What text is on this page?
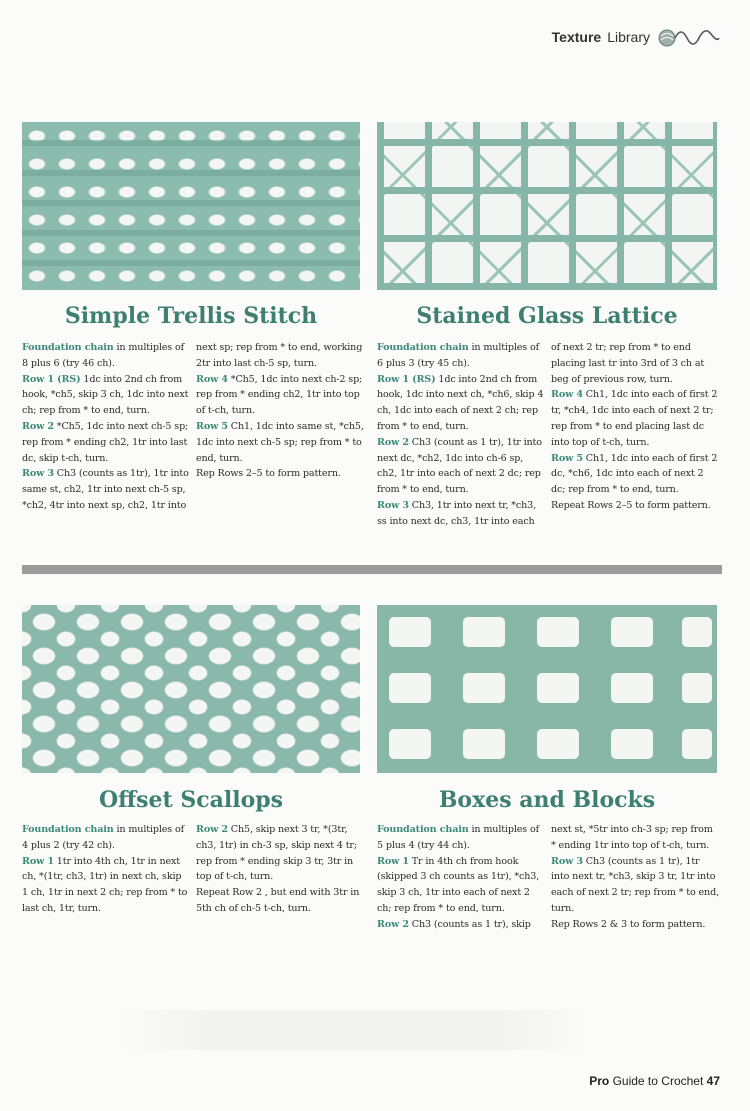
Texture Library
Simple Trellis Stitch	Stained Glass Lattice

Foundation chain in multiples of 8 plus 6 (try 46 ch).

Row 1 (RS) 1dc into 2nd ch from hook, *ch5, skip 3 ch, 1dc into next ch; rep from * to end, turn.

Row 2 *Ch5, 1dc into next ch-5 sp; rep from * ending ch2, 1tr into last dc, skip t-ch, turn.

Row 3 Ch3 (counts as 1tr), 1tr into same st, ch2, 1tr into next ch-5 sp, *ch2, 4tr into next sp, ch2, 1tr into

next sp; rep from * to end, working 2tr into last ch-5 sp, turn.

Row 4 *Ch5, 1dc into next ch-2 sp; rep from * ending ch2, 1tr into top of t-ch, turn.

Row 5 Ch1, 1dc into same st, *ch5, 1dc into next ch-5 sp; rep from * to end, turn.

Rep Rows 2–5 to form pattern.

Foundation chain in multiples of 6 plus 3 (try 45 ch).

Row 1 (RS) 1dc into 2nd ch from hook, 1dc into next ch, *ch6, skip 4 ch, 1dc into each of next 2 ch; rep from * to end, turn.

Row 2 Ch3 (count as 1 tr), 1tr into next dc, *ch2, 1dc into ch-6 sp, ch2, 1tr into each of next 2 dc; rep from * to end, turn.

Row 3 Ch3, 1tr into next tr, *ch3, ss into next dc, ch3, 1tr into each

of next 2 tr; rep from * to end placing last tr into 3rd of 3 ch at beg of previous row, turn.

Row 4 Ch1, 1dc into each of first 2 tr, *ch4, 1dc into each of next 2 tr; rep from * to end placing last dc into top of t-ch, turn.

Row 5 Ch1, 1dc into each of first 2 dc, *ch6, 1dc into each of next 2 dc; rep from * to end, turn.

Repeat Rows 2–5 to form pattern.

Offset Scallops	Boxes and Blocks

Foundation chain in multiples of 4 plus 2 (try 42 ch).

Row 1 1tr into 4th ch, 1tr in next ch, *(1tr, ch3, 1tr) in next ch, skip 1 ch, 1tr in next 2 ch; rep from * to last ch, 1tr, turn.

Row 2 Ch5, skip next 3 tr, *(3tr, ch3, 1tr) in ch-3 sp, skip next 4 tr; rep from * ending skip 3 tr, 3tr in top of t-ch, turn.

Repeat Row 2 , but end with 3tr in 5th ch of ch-5 t-ch, turn.

Foundation chain in multiples of 5 plus 4 (try 44 ch).

Row 1 Tr in 4th ch from hook (skipped 3 ch counts as 1tr), *ch3, skip 3 ch, 1tr into each of next 2 ch; rep from * to end, turn.

Row 2 Ch3 (counts as 1 tr), skip

next st, *5tr into ch-3 sp; rep from * ending 1tr into top of t-ch, turn.

Row 3 Ch3 (counts as 1 tr), 1tr into next tr, *ch3, skip 3 tr, 1tr into each of next 2 tr; rep from * to end, turn.

Rep Rows 2 & 3 to form pattern.

Pro Guide to Crochet 47
